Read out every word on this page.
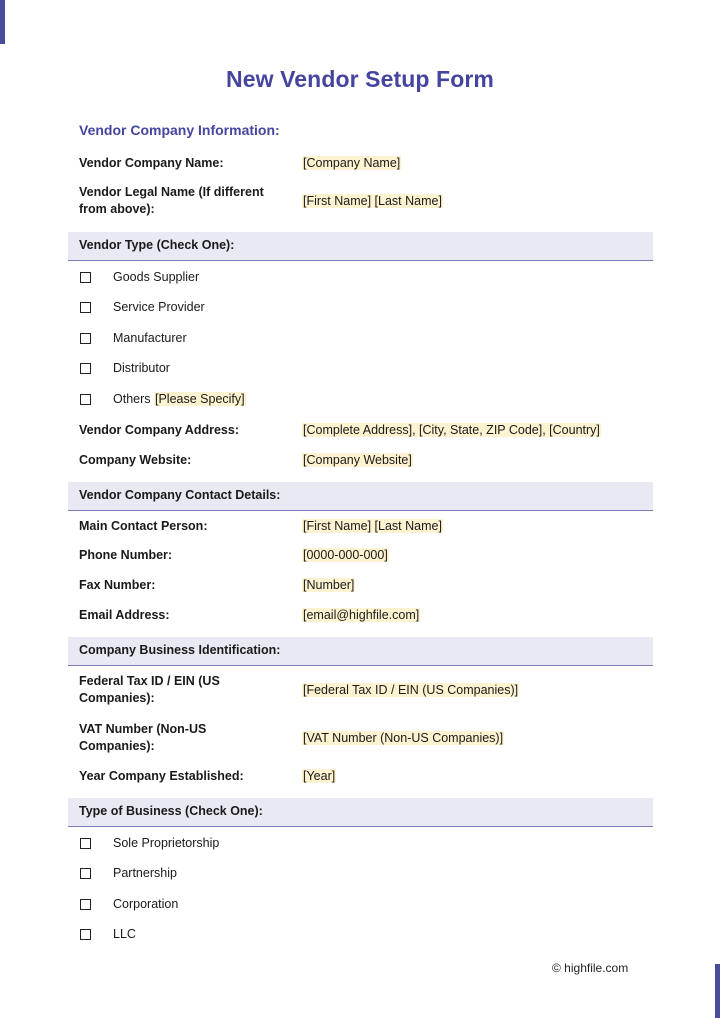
New Vendor Setup Form
Vendor Company Information:
Vendor Company Name:	[Company Name]
Vendor Legal Name (If different
from above):
[First Name] [Last Name]
Vendor Type (Check One):
Goods Supplier
Service Provider
Manufacturer
Distributor
Others [Please Specify]
Vendor Company Address:	[Complete Address], [City, State, ZIP Code], [Country]
Company Website:	[Company Website]
Vendor Company Contact Details:
Main Contact Person:	[First Name] [Last Name]
Phone Number:	[0000-000-000]
Fax Number:	[Number]
Email Address:	[email@highfile.com]
Company Business Identification:
Federal Tax ID / EIN (US
Companies):
[Federal Tax ID / EIN (US Companies)]
VAT Number (Non-US
Companies):
[VAT Number (Non-US Companies)]
Year Company Established:	[Year]
Type of Business (Check One):
Sole Proprietorship
Partnership
Corporation
LLC
© highfile.com
